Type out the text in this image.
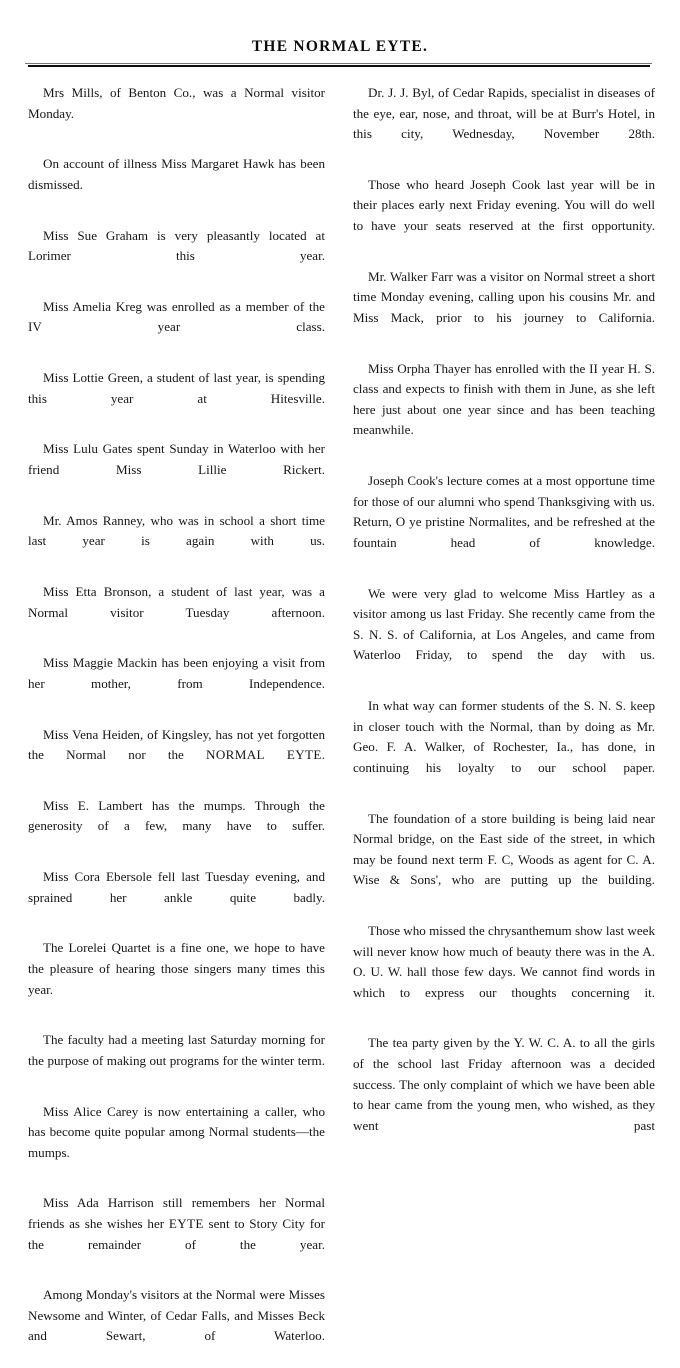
THE NORMAL EYTE.

Mrs Mills, of Benton Co., was a Normal visitor Monday.

On account of illness Miss Margaret Hawk has been dismissed.

Miss Sue Graham is very pleasantly located at Lorimer this year.

Miss Amelia Kreg was enrolled as a member of the IV year class.

Miss Lottie Green, a student of last year, is spending this year at Hitesville.

Miss Lulu Gates spent Sunday in Waterloo with her friend Miss Lillie Rickert.

Mr. Amos Ranney, who was in school a short time last year is again with us.

Miss Etta Bronson, a student of last year, was a Normal visitor Tuesday afternoon.

Miss Maggie Mackin has been enjoying a visit from her mother, from Independence.

Miss Vena Heiden, of Kingsley, has not yet forgotten the Normal nor the NORMAL EYTE.

Miss E. Lambert has the mumps. Through the generosity of a few, many have to suffer.

Miss Cora Ebersole fell last Tuesday evening, and sprained her ankle quite badly.

The Lorelei Quartet is a fine one, we hope to have the pleasure of hearing those singers many times this year.

The faculty had a meeting last Saturday morning for the purpose of making out programs for the winter term.

Miss Alice Carey is now entertaining a caller, who has become quite popular among Normal students—the mumps.

Miss Ada Harrison still remembers her Normal friends as she wishes her EYTE sent to Story City for the remainder of the year.

Among Monday's visitors at the Normal were Misses Newsome and Winter, of Cedar Falls, and Misses Beck and Sewart, of Waterloo.

Dr. J. J. Byl, of Cedar Rapids, specialist in diseases of the eye, ear, nose, and throat, will be at Burr's Hotel, in this city, Wednesday, November 28th.

Those who heard Joseph Cook last year will be in their places early next Friday evening. You will do well to have your seats reserved at the first opportunity.

Mr. Walker Farr was a visitor on Normal street a short time Monday evening, calling upon his cousins Mr. and Miss Mack, prior to his journey to California.

Miss Orpha Thayer has enrolled with the II year H. S. class and expects to finish with them in June, as she left here just about one year since and has been teaching meanwhile.

Joseph Cook's lecture comes at a most opportune time for those of our alumni who spend Thanksgiving with us. Return, O ye pristine Normalites, and be refreshed at the fountain head of knowledge.

We were very glad to welcome Miss Hartley as a visitor among us last Friday. She recently came from the S. N. S. of California, at Los Angeles, and came from Waterloo Friday, to spend the day with us.

In what way can former students of the S. N. S. keep in closer touch with the Normal, than by doing as Mr. Geo. F. A. Walker, of Rochester, Ia., has done, in continuing his loyalty to our school paper.

The foundation of a store building is being laid near Normal bridge, on the East side of the street, in which may be found next term F. C, Woods as agent for C. A. Wise & Sons', who are putting up the building.

Those who missed the chrysanthemum show last week will never know how much of beauty there was in the A. O. U. W. hall those few days. We cannot find words in which to express our thoughts concerning it.

The tea party given by the Y. W. C. A. to all the girls of the school last Friday afternoon was a decided success. The only complaint of which we have been able to hear came from the young men, who wished, as they went past
